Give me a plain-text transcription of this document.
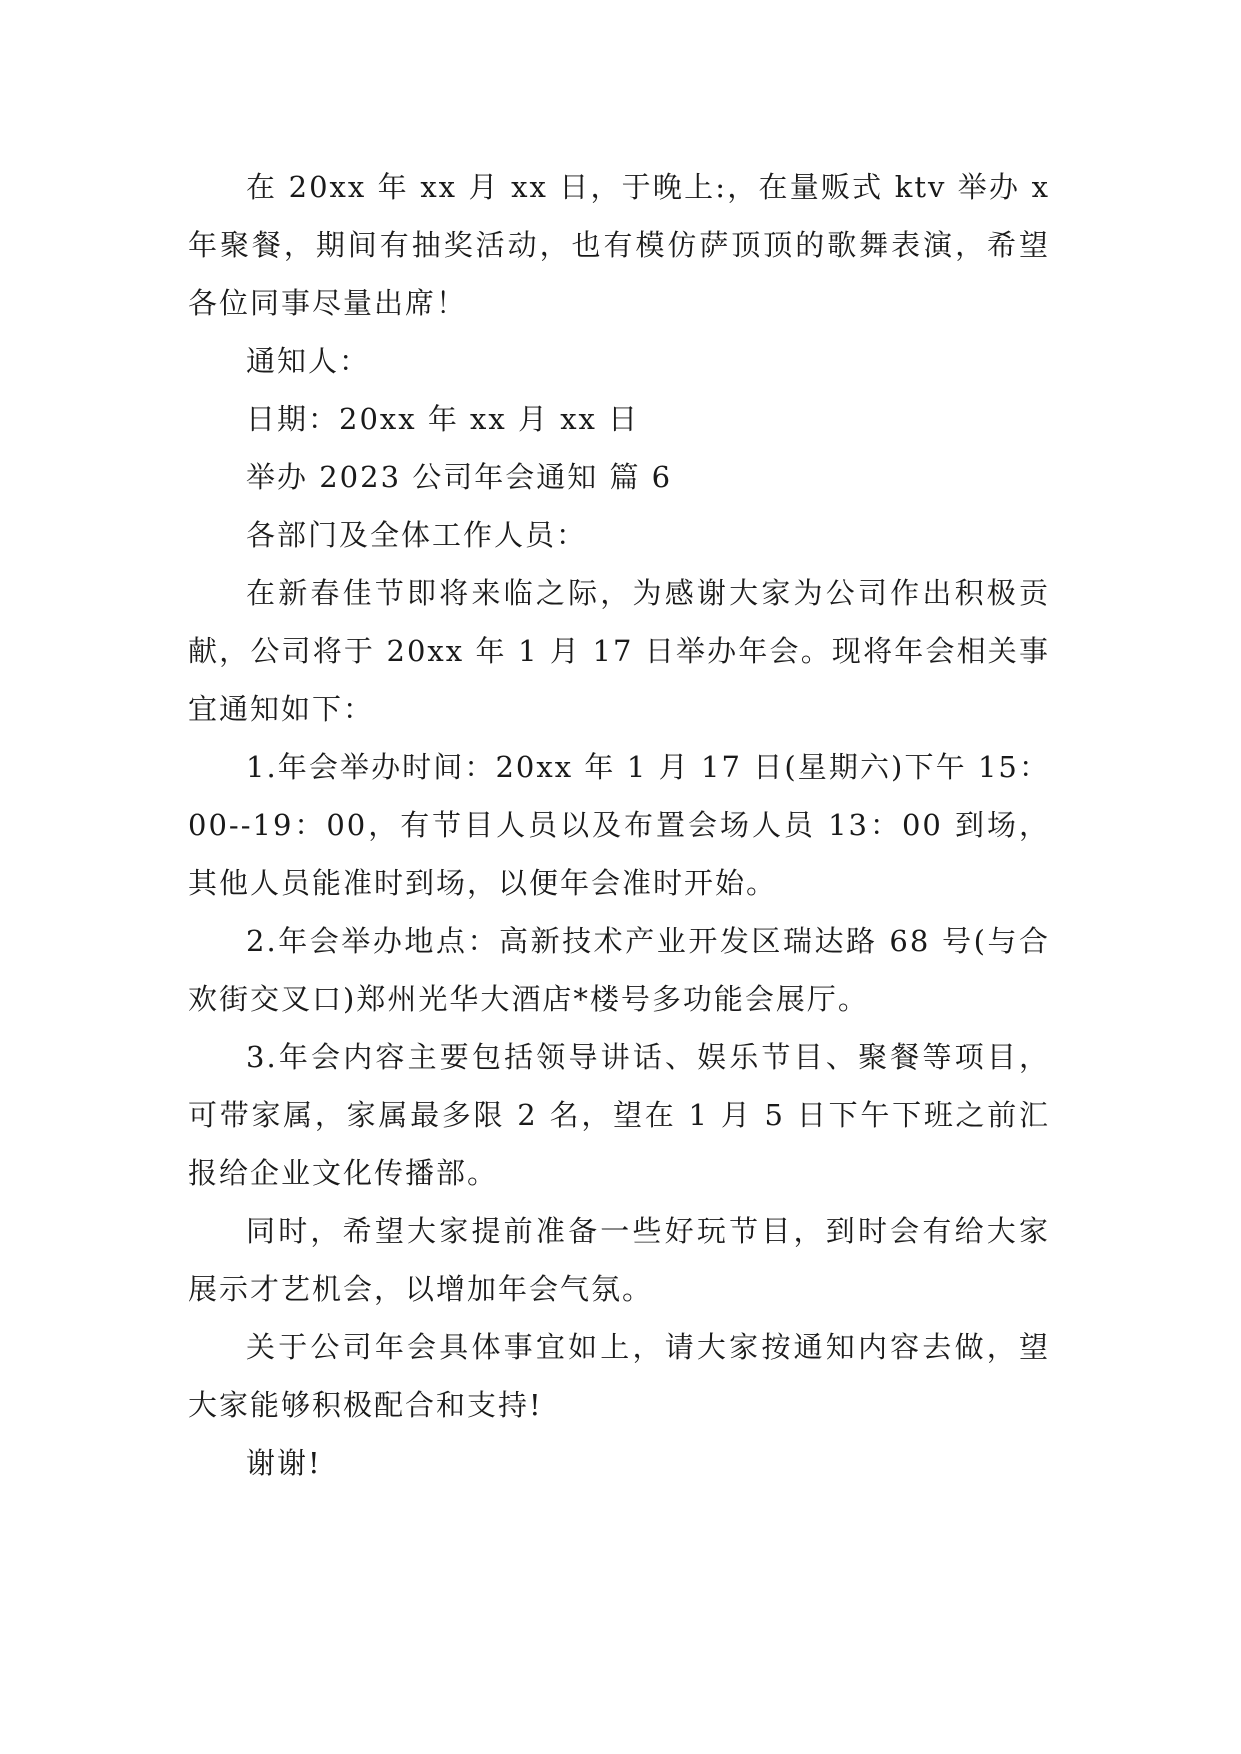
在 20xx 年 xx 月 xx 日，于晚上:，在量贩式 ktv 举办 x 年聚餐，期间有抽奖活动，也有模仿萨顶顶的歌舞表演，希望各位同事尽量出席！

通知人：

日期：20xx 年 xx 月 xx 日

举办 2023 公司年会通知 篇 6

各部门及全体工作人员：

在新春佳节即将来临之际，为感谢大家为公司作出积极贡献，公司将于 20xx 年 1 月 17 日举办年会。现将年会相关事宜通知如下：

1.年会举办时间：20xx 年 1 月 17 日(星期六)下午 15：00--19：00，有节目人员以及布置会场人员 13：00 到场，其他人员能准时到场，以便年会准时开始。

2.年会举办地点：高新技术产业开发区瑞达路 68 号(与合欢街交叉口)郑州光华大酒店*楼号多功能会展厅。

3.年会内容主要包括领导讲话、娱乐节目、聚餐等项目，可带家属，家属最多限 2 名，望在 1 月 5 日下午下班之前汇报给企业文化传播部。

同时，希望大家提前准备一些好玩节目，到时会有给大家展示才艺机会，以增加年会气氛。

关于公司年会具体事宜如上，请大家按通知内容去做，望大家能够积极配合和支持!

谢谢!
